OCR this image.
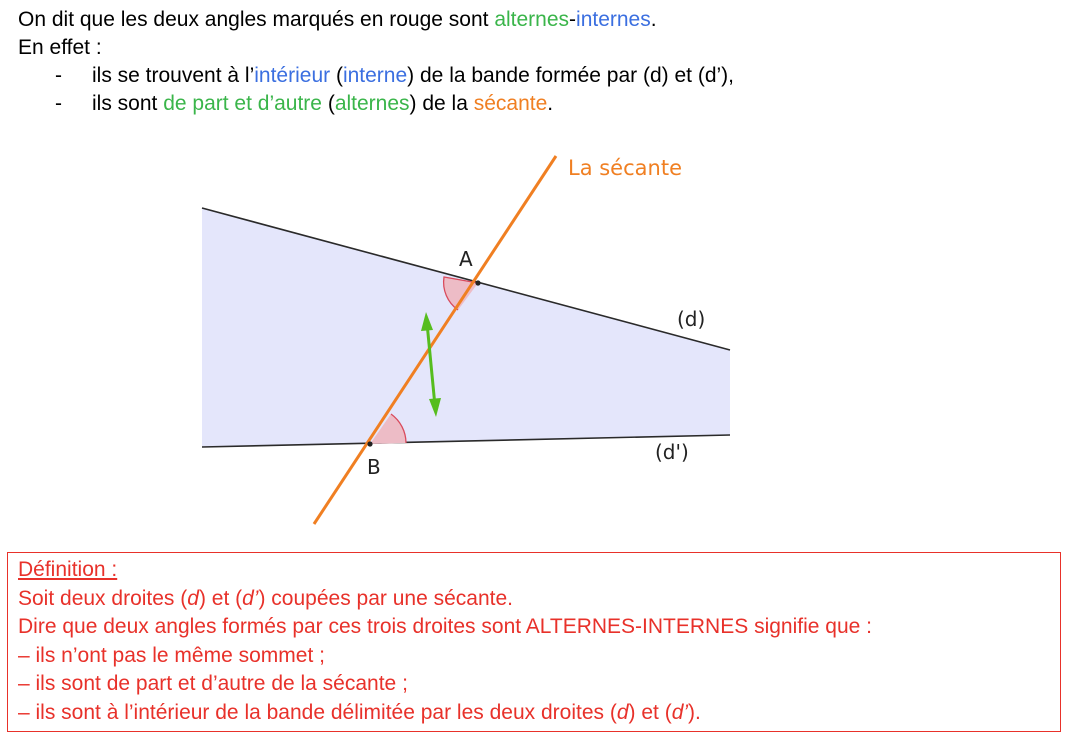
On dit que les deux angles marqués en rouge sont alternes-internes.

En effet :

- ils se trouvent à l’intérieur (interne) de la bande formée par (d) et (d’),

- ils sont de part et d’autre (alternes) de la sécante.

A
B
(d)
(d')
La sécante

Définition :

Soit deux droites (d) et (d’) coupées par une sécante.

Dire que deux angles formés par ces trois droites sont ALTERNES-INTERNES signifie que :

– ils n’ont pas le même sommet ;

– ils sont de part et d’autre de la sécante ;

– ils sont à l’intérieur de la bande délimitée par les deux droites (d) et (d’).
